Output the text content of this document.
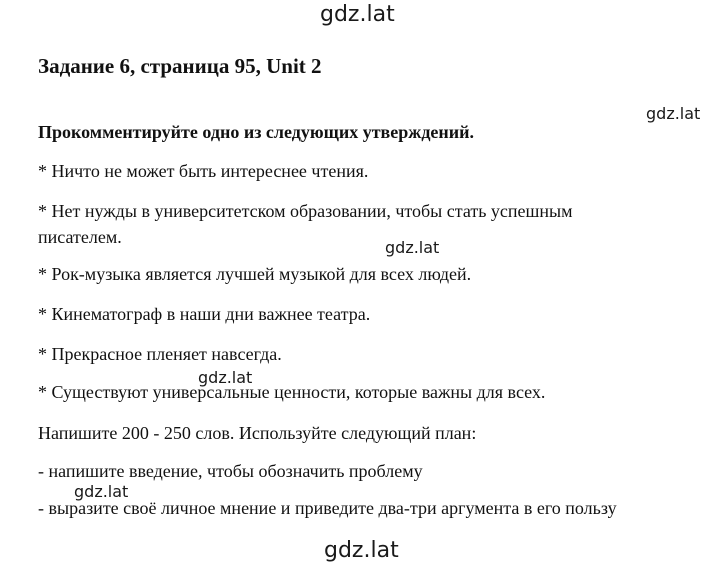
gdz.lat
Задание 6, страница 95, Unit 2
gdz.lat
Прокомментируйте одно из следующих утверждений.
* Ничто не может быть интереснее чтения.
* Нет нужды в университетском образовании, чтобы стать успешным
писателем.
gdz.lat
* Рок-музыка является лучшей музыкой для всех людей.
* Кинематограф в наши дни важнее театра.
* Прекрасное пленяет навсегда.
gdz.lat
* Существуют универсальные ценности, которые важны для всех.
Напишите 200 - 250 слов. Используйте следующий план:
- напишите введение, чтобы обозначить проблему
gdz.lat
- выразите своё личное мнение и приведите два-три аргумента в его пользу
gdz.lat
